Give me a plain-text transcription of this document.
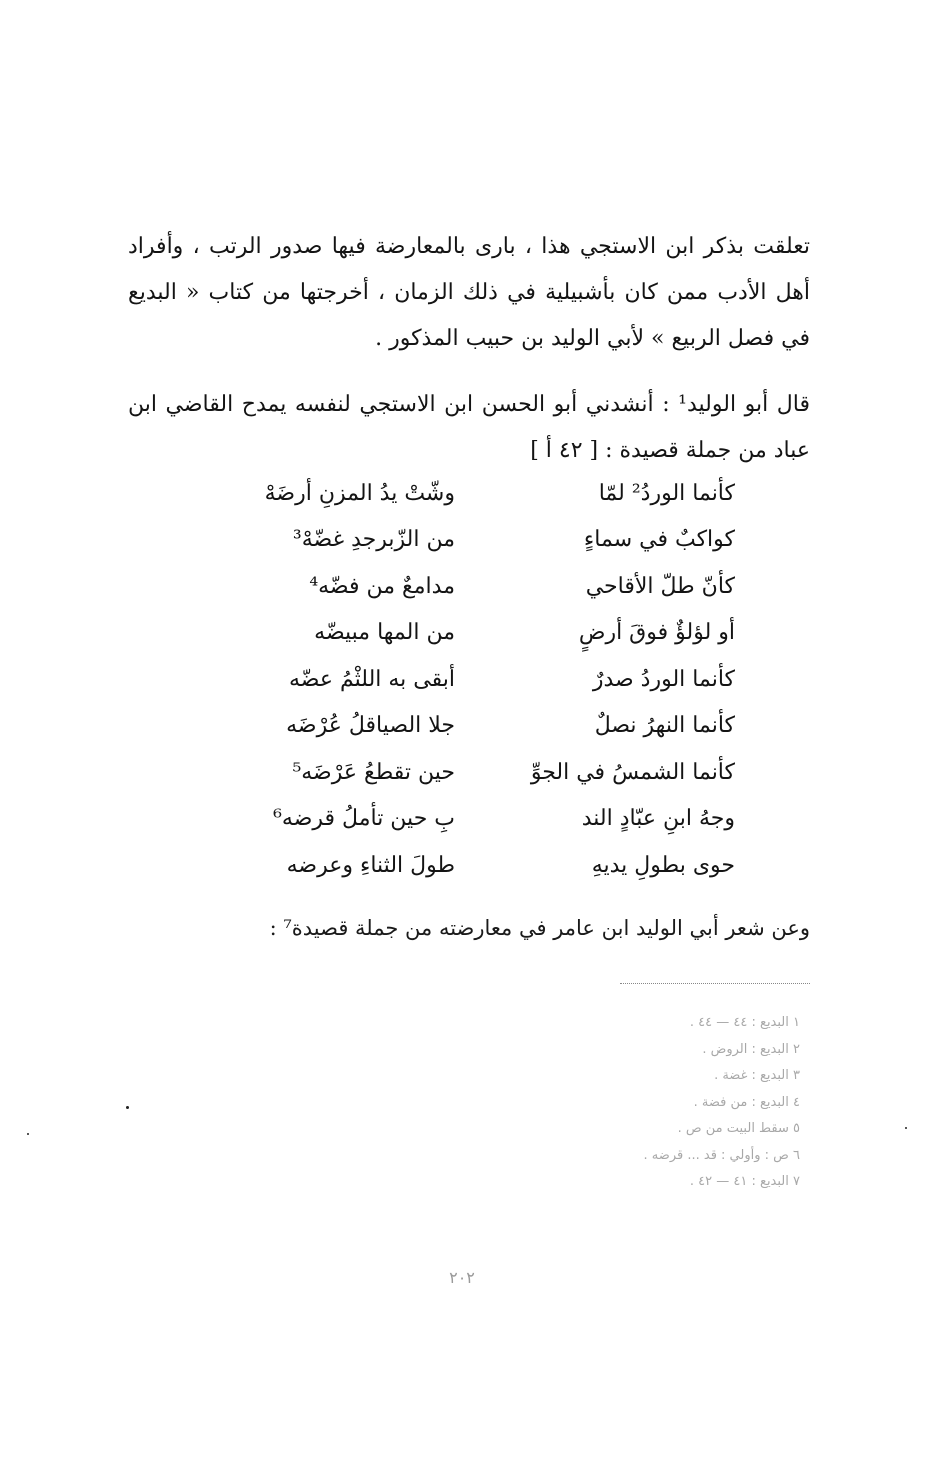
تعلقت بذكر ابن الاستجي هذا ، بارى بالمعارضة فيها صدور الرتب ، وأفراد أهل الأدب ممن كان بأشبيلية في ذلك الزمان ، أخرجتها من كتاب « البديع في فصل الربيع » لأبي الوليد بن حبيب المذكور .

قال أبو الوليد¹ : أنشدني أبو الحسن ابن الاستجي لنفسه يمدح القاضي ابن عباد من جملة قصيدة : [ ٤٢ أ ]

كأنما الوردُ² لمّا
وشّتْ يدُ المزنِ أرضَهْ
كواكبٌ في سماءٍ
من الزّبرجدِ غضّهْ³
كأنّ طلّ الأقاحي
مدامعٌ من فضّه⁴
أو لؤلؤٌ فوقَ أرضٍ
من المها مبيضّه
كأنما الوردُ صدرٌ
أبقى به اللثْمُ عضّه
كأنما النهرُ نصلٌ
جلا الصياقلُ عُرْضَه
كأنما الشمسُ في الجوِّ
حين تقطعُ عَرْضَه⁵
وجهُ ابنِ عبّادٍ الند
بِ حين تأملُ قرضه⁶
حوى بطولِ يديهِ
طولَ الثناءِ وعرضه

وعن شعر أبي الوليد ابن عامر في معارضته من جملة قصيدة⁷ :

١ البديع : ٤٤ — ٤٤ .
٢ البديع : الروض .
٣ البديع : غضة .
٤ البديع : من فضة .
٥ سقط البيت من ص .
٦ ص : وأولي : قد ... قرضه .
٧ البديع : ٤١ — ٤٢ .
٢٠٢
